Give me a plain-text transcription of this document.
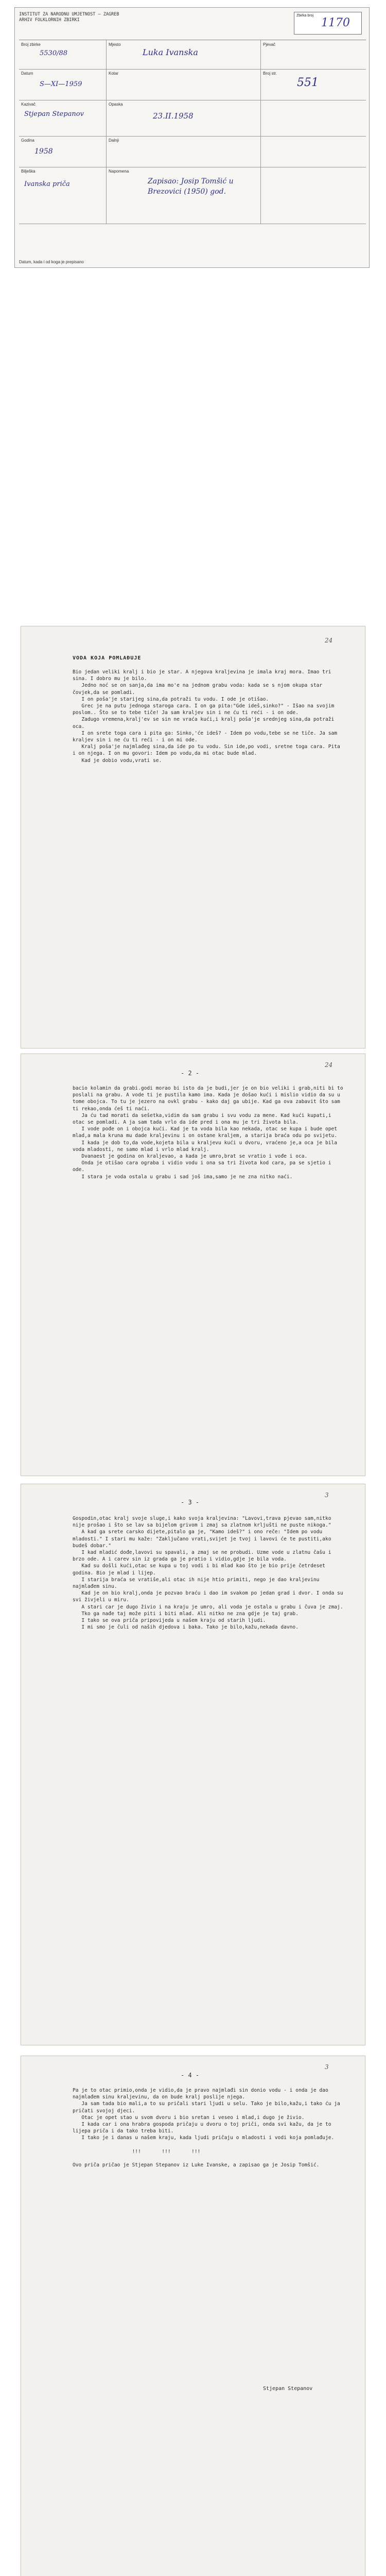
INSTITUT ZA NARODNU UMJETNOST — ZAGREB
ARHIV FOLKLORNIH ZBIRKI
Zbirka broj
1170
Broj zbirke
5530/88
Mjesto
Luka Ivanska
Pjevač
Datum
S—XI—1959
Kotar	Broj str.
551
Kazivač
Stjepan Stepanov
Opaska
23.II.1958
Godina
1958
Dalnji
Bilješka
Ivanska priča
Napomena
Zapisao: Josip Tomšić u Brezovici (1950) god.
Datum, kada i od koga je prepisano
24
VODA KOJA POMLAĐUJE
Bio jedan veliki kralj i bio je star. A njegova kraljevina je imala kraj mora. Imao tri sina. I dobro mu je bilo.
Jedno noć se on sanja,da ima mo'e na jednom grabu voda: kada se s njom okupa star čovjek,da se pomladi.
I on poša'je starijeg sina,da potraži tu vodu. I ode je otišao.
Grec je na putu jednoga staroga cara. I on ga pita:"Gde ideš,sinko?" - Išao na svojim poslom.. Što se to tebe tiče! Ja sam kraljev sin i ne ću ti reći - i on ode.
Zadugo vremena,kralj'ev se sin ne vraća kući,i kralj poša'je srednjeg sina,da potraži oca.
I on srete toga cara i pita ga: Sinko,'će ideš? - Idem po vodu,tebe se ne tiče. Ja sam kraljev sin i ne ću ti reći - i on mi ode.
Kralj poša'je najmlađeg sina,da ide po tu vodu. Sin ide,po vodi, sretne toga cara. Pita i on njega. I on mu govori: Idem po vodu,da mi otac bude mlad.
Kad je dobio vodu,vrati se.
24
- 2 -
bacio kolamin da grabi.godi morao bi isto da je budi,jer je on bio veliki i grab,niti bi to poslali na grabu. A vode ti je pustila kamo ima. Kada je došao kući i mislio vidio da su u tome obojca. To tu je jezero na ovkl grabu - kako daj ga ubije. Kad ga ova zabavit što sam ti rekao,onda ćeš ti naći.
Ja ću tad morati da sešetka,vidim da sam grabu i svu vodu za mene. Kad kući kupati,i otac se pomladi. A ja sam tada vrlo da ide pred i ona mu je tri života bila.
I vode pođe on i obojca kući. Kad je ta voda bila kao nekada, otac se kupa i bude opet mlad,a mala kruna mu dade kraljevinu i on ostane kraljem, a starija braća odu po svijetu.
I kada je dob to,da vode,kojeta bila u kraljevu kući u dvoru, vraćeno je,a oca je bila voda mladosti, ne samo mlad i vrlo mlad kralj.
Dvanaest je godina on kraljevao, a kada je umro,brat se vratio i vođe i oca.
Onda je otišao cara ograba i vidio vodu i ona sa tri života kod cara, pa se sjetio i ode.
I stara je voda ostala u grabu i sad još ima,samo je ne zna nitko naći.
3
- 3 -
Gospodin,otac kralj svoje sluge,i kako svoja kraljevina: "Lavovi,trava pjevao sam,nitko nije prošao i što se lav sa bijelom grivom i zmaj sa zlatnom krljušti ne puste nikoga."
A kad ga srete carsko dijete,pitalo ga je, "Kamo ideš?" i ono reče: "Idem po vodu mladosti." I stari mu kaže: "Zaključano vrati,svijet je tvoj i lavovi će te pustiti,ako budeš dobar."
I kad mladić dođe,lavovi su spavali, a zmaj se ne probudi. Uzme vode u zlatnu čašu i brzo ode. A i carev sin iz grada ga je pratio i vidio,gdje je bila voda.
Kad su došli kući,otac se kupa u toj vodi i bi mlad kao što je bio prije četrdeset godina. Bio je mlad i lijep.
I starija braća se vratiše,ali otac ih nije htio primiti, nego je dao kraljevinu najmlađem sinu.
Kad je on bio kralj,onda je pozvao braću i dao im svakom po jedan grad i dvor. I onda su svi živjeli u miru.
A stari car je dugo živio i na kraju je umro, ali voda je ostala u grabu i čuva je zmaj.
Tko ga nađe taj može piti i biti mlad. Ali nitko ne zna gdje je taj grab.
I tako se ova priča pripovijeda u našem kraju od starih ljudi.
I mi smo je čuli od naših djedova i baka. Tako je bilo,kažu,nekada davno.
3
- 4 -
Pa je to otac primio,onda je vidio,da je pravo najmlađi sin donio vodu - i onda je dao najmlađem sinu kraljevinu, da on bude kralj poslije njega.
Ja sam tada bio mali,a to su pričali stari ljudi u selu. Tako je bilo,kažu,i tako ću ja pričati svojoj djeci.
Otac je opet stao u svom dvoru i bio sretan i veseo i mlad,i dugo je živio.
I kada car i ona hrabra gospoda pričaju u dvoru o toj priči, onda svi kažu, da je to lijepa priča i da tako treba biti.
I tako je i danas u našem kraju, kada ljudi pričaju o mladosti i vodi koja pomlađuje.

!!!       !!!       !!!

Ovo priča pričao je Stjepan Stepanov iz Luke Ivanske, a zapisao ga je Josip Tomšić.
Stjepan Stepanov
